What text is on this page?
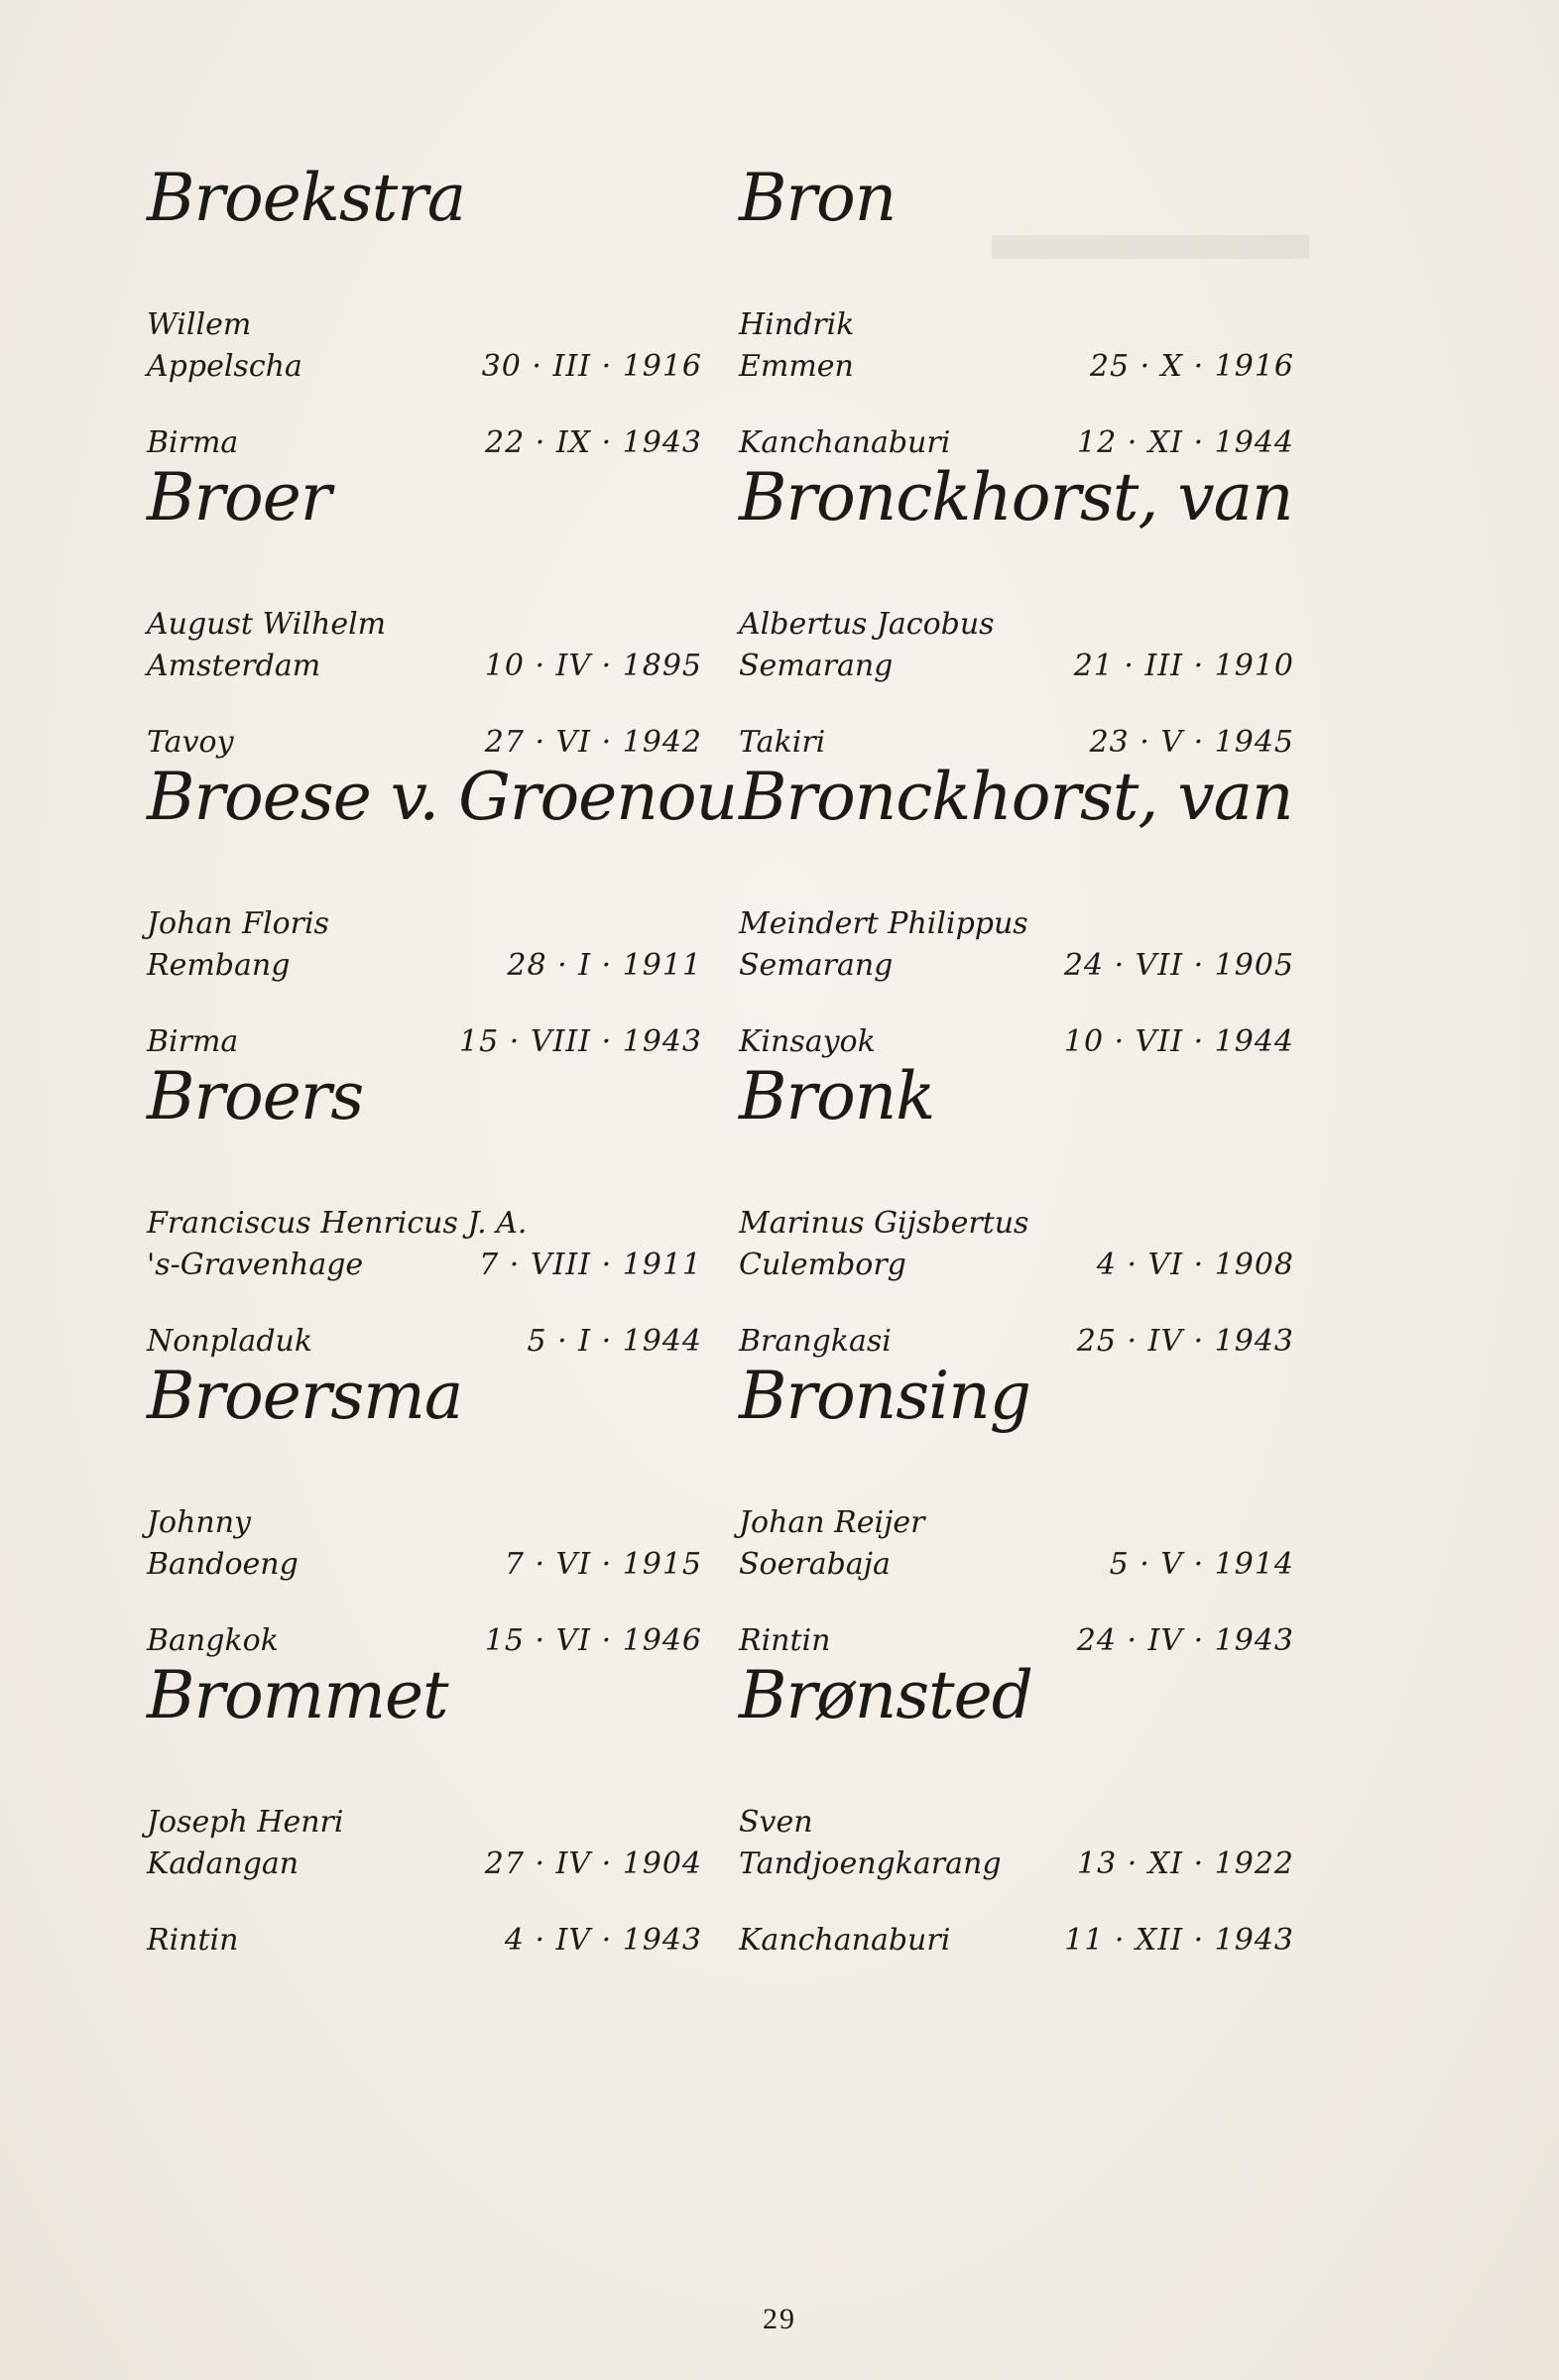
▬▬▬▬
Broekstra
Willem
Appelscha	30 · III · 1916
Birma	22 · IX · 1943
Broer
August Wilhelm
Amsterdam	10 · IV · 1895
Tavoy	27 · VI · 1942
Broese v. Groenou
Johan Floris
Rembang	28 · I · 1911
Birma	15 · VIII · 1943
Broers
Franciscus Henricus J. A.
's-Gravenhage	7 · VIII · 1911
Nonpladuk	5 · I · 1944
Broersma
Johnny
Bandoeng	7 · VI · 1915
Bangkok	15 · VI · 1946
Brommet
Joseph Henri
Kadangan	27 · IV · 1904
Rintin	4 · IV · 1943
Bron
Hindrik
Emmen	25 · X · 1916
Kanchanaburi	12 · XI · 1944
Bronckhorst, van
Albertus Jacobus
Semarang	21 · III · 1910
Takiri	23 · V · 1945
Bronckhorst, van
Meindert Philippus
Semarang	24 · VII · 1905
Kinsayok	10 · VII · 1944
Bronk
Marinus Gijsbertus
Culemborg	4 · VI · 1908
Brangkasi	25 · IV · 1943
Bronsing
Johan Reijer
Soerabaja	5 · V · 1914
Rintin	24 · IV · 1943
Brønsted
Sven
Tandjoengkarang	13 · XI · 1922
Kanchanaburi	11 · XII · 1943
29
